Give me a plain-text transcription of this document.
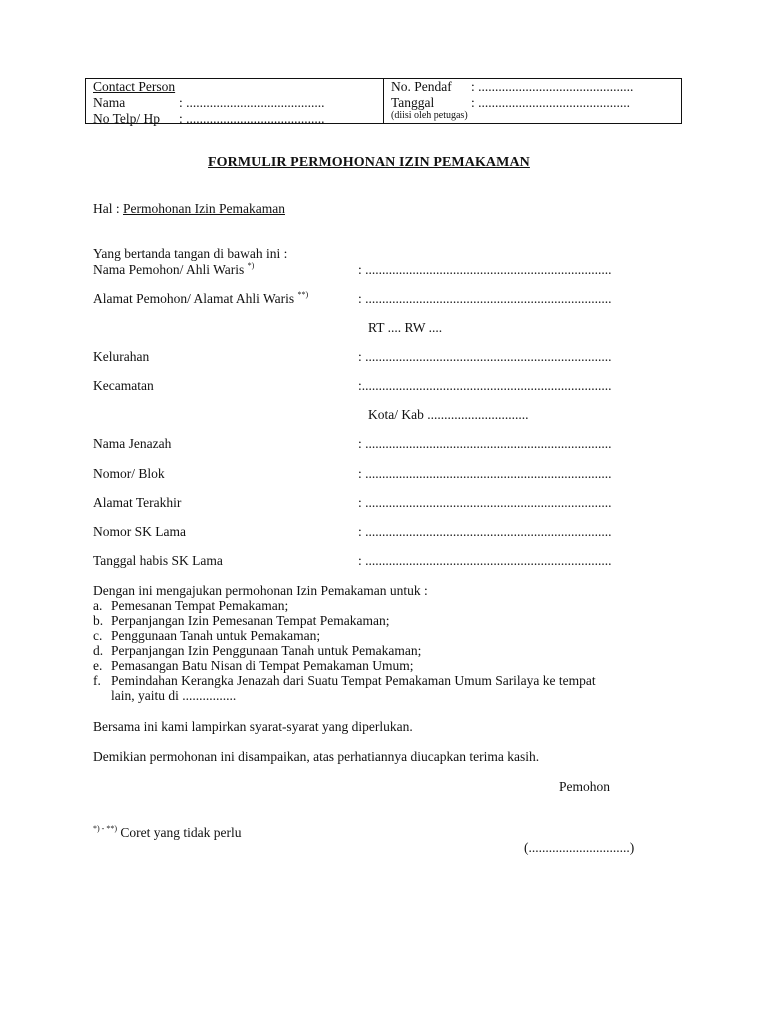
Contact Person
Nama	: .........................................
No Telp/ Hp : .........................................
No. Pendaf : ..............................................
Tanggal	: .............................................
(diisi oleh petugas)
FORMULIR PERMOHONAN IZIN PEMAKAMAN
Hal : Permohonan Izin Pemakaman
Yang bertanda tangan di bawah ini :
Nama Pemohon/ Ahli Waris *)	: .........................................................................
Alamat Pemohon/ Alamat Ahli Waris **)	: .........................................................................
RT .... RW ....
Kelurahan	: .........................................................................
Kecamatan	:..........................................................................
Kota/ Kab ..............................
Nama Jenazah	: .........................................................................
Nomor/ Blok	: .........................................................................
Alamat Terakhir	: .........................................................................
Nomor SK Lama	: .........................................................................
Tanggal habis SK Lama	: .........................................................................
Dengan ini mengajukan permohonan Izin Pemakaman untuk :
a. Pemesanan Tempat Pemakaman;
b. Perpanjangan Izin Pemesanan Tempat Pemakaman;
c. Penggunaan Tanah untuk Pemakaman;
d. Perpanjangan Izin Penggunaan Tanah untuk Pemakaman;
e. Pemasangan Batu Nisan di Tempat Pemakaman Umum;
f. Pemindahan Kerangka Jenazah dari Suatu Tempat Pemakaman Umum Sarilaya ke tempat
lain, yaitu di ................
Bersama ini kami lampirkan syarat-syarat yang diperlukan.
Demikian permohonan ini disampaikan, atas perhatiannya diucapkan terima kasih.
Pemohon
*) - **) Coret yang tidak perlu
(..............................)
